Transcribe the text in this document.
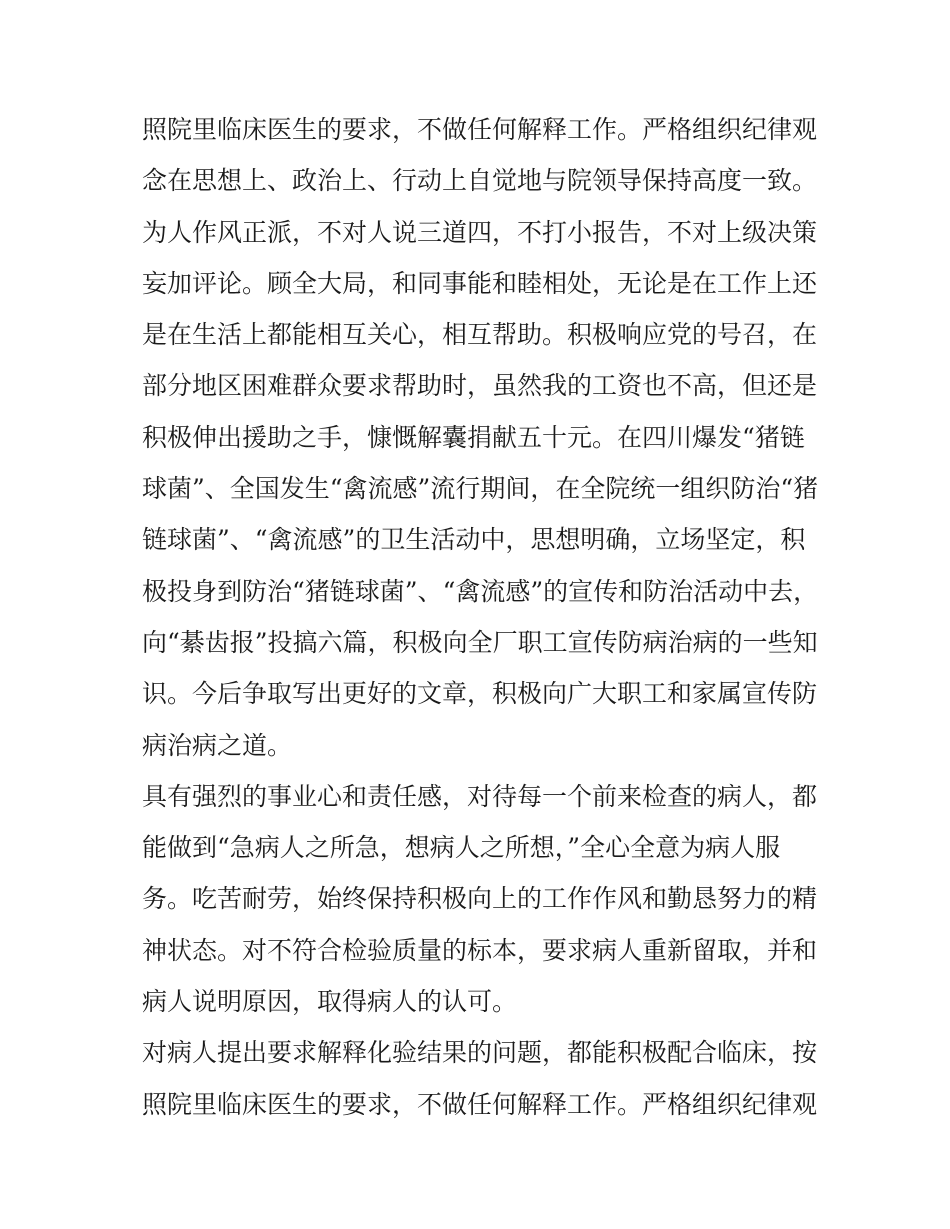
照院里临床医生的要求，不做任何解释工作。严格组织纪律观

念在思想上、政治上、行动上自觉地与院领导保持高度一致。

为人作风正派，不对人说三道四，不打小报告，不对上级决策

妄加评论。顾全大局，和同事能和睦相处，无论是在工作上还

是在生活上都能相互关心，相互帮助。积极响应党的号召，在

部分地区困难群众要求帮助时，虽然我的工资也不高，但还是

积极伸出援助之手，慷慨解囊捐献五十元。在四川爆发“猪链

球菌”、全国发生“禽流感”流行期间，在全院统一组织防治“猪

链球菌”、“禽流感”的卫生活动中，思想明确，立场坚定，积

极投身到防治“猪链球菌”、“禽流感”的宣传和防治活动中去，

向“綦齿报”投搞六篇，积极向全厂职工宣传防病治病的一些知

识。今后争取写出更好的文章，积极向广大职工和家属宣传防

病治病之道。

具有强烈的事业心和责任感，对待每一个前来检查的病人，都

能做到“急病人之所急，想病人之所想，”全心全意为病人服

务。吃苦耐劳，始终保持积极向上的工作作风和勤恳努力的精

神状态。对不符合检验质量的标本，要求病人重新留取，并和

病人说明原因，取得病人的认可。

对病人提出要求解释化验结果的问题，都能积极配合临床，按

照院里临床医生的要求，不做任何解释工作。严格组织纪律观
